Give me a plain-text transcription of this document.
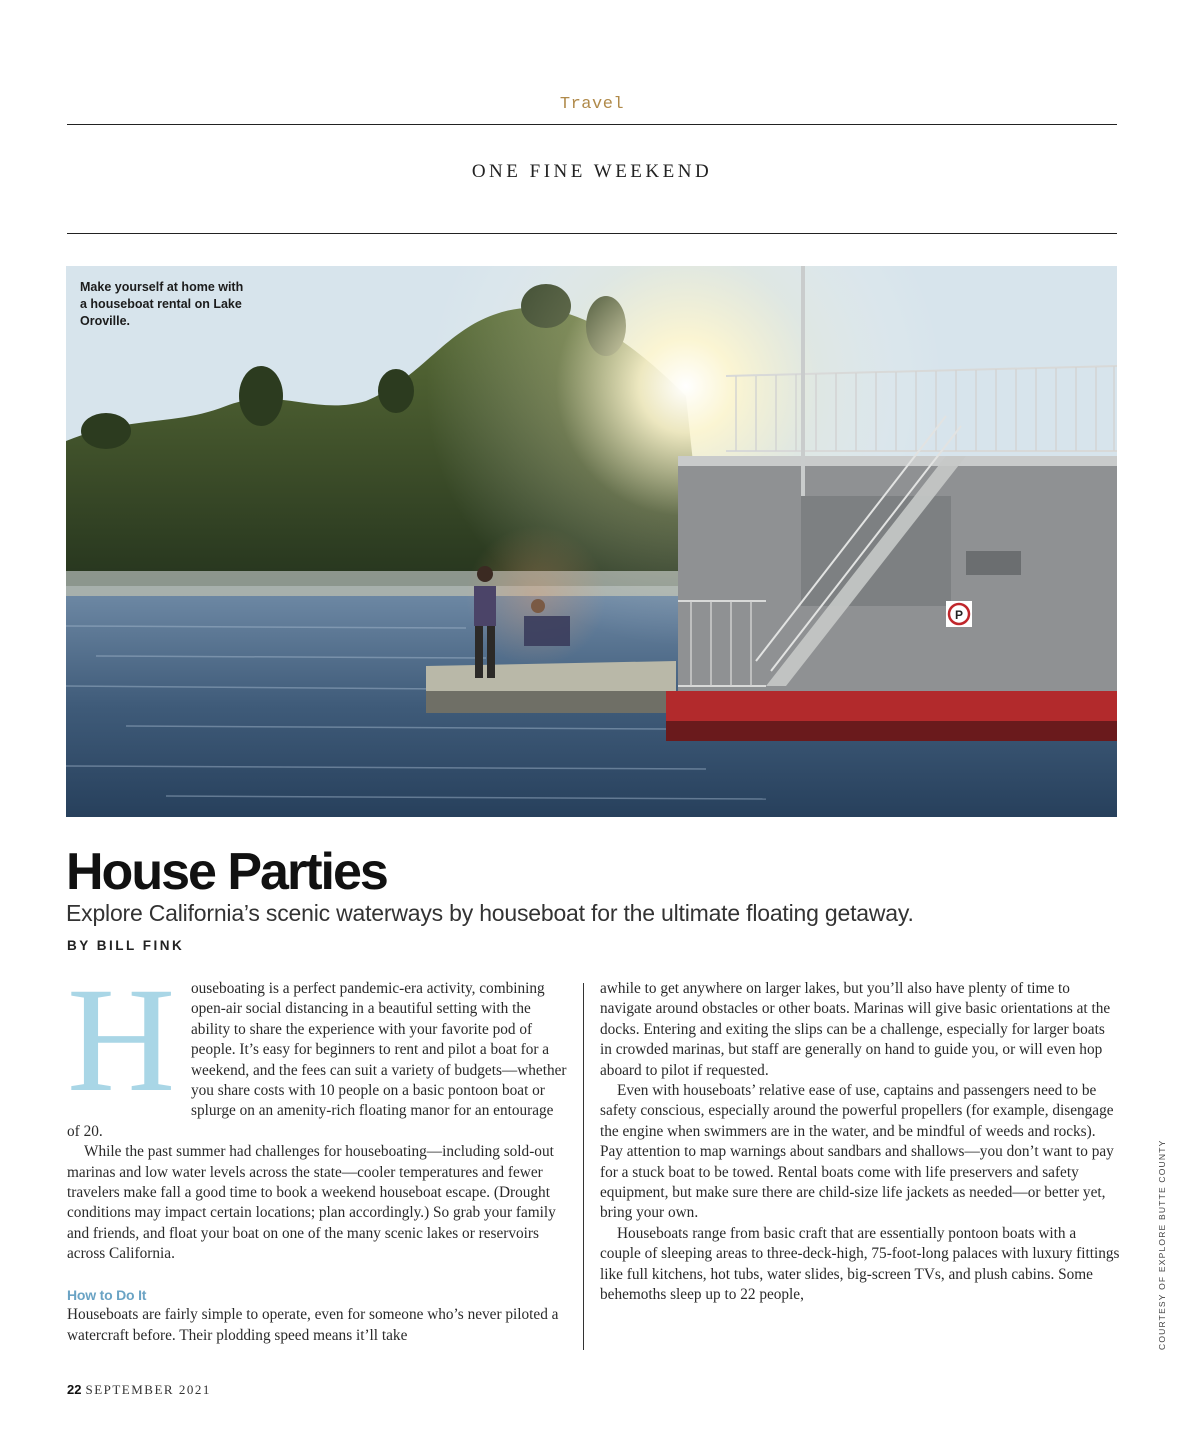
Travel
ONE FINE WEEKEND
P
Make yourself at home with a houseboat rental on Lake Oroville.
House Parties
Explore California’s scenic waterways by houseboat for the ultimate floating getaway.
BY BILL FINK

H ouseboating is a perfect pandemic-era activity, combining open-air social distancing in a beautiful setting with the ability to share the experience with your favorite pod of people. It’s easy for beginners to rent and pilot a boat for a weekend, and the fees can suit a variety of budgets—whether you share costs with 10 people on a basic pontoon boat or splurge on an amenity-rich floating manor for an entourage of 20.

While the past summer had challenges for houseboating—including sold-out marinas and low water levels across the state—cooler temperatures and fewer travelers make fall a good time to book a weekend houseboat escape. (Drought conditions may impact certain locations; plan accordingly.) So grab your family and friends, and float your boat on one of the many scenic lakes or reservoirs across California.

How to Do It

Houseboats are fairly simple to operate, even for someone who’s never piloted a watercraft before. Their plodding speed means it’ll take

awhile to get anywhere on larger lakes, but you’ll also have plenty of time to navigate around obstacles or other boats. Marinas will give basic orientations at the docks. Entering and exiting the slips can be a challenge, especially for larger boats in crowded marinas, but staff are generally on hand to guide you, or will even hop aboard to pilot if requested.

Even with houseboats’ relative ease of use, captains and passengers need to be safety conscious, especially around the powerful propellers (for example, disengage the engine when swimmers are in the water, and be mindful of weeds and rocks). Pay attention to map warnings about sandbars and shallows—you don’t want to pay for a stuck boat to be towed. Rental boats come with life preservers and safety equipment, but make sure there are child-size life jackets as needed—or better yet, bring your own.

Houseboats range from basic craft that are essentially pontoon boats with a couple of sleeping areas to three-deck-high, 75-foot-long palaces with luxury fittings like full kitchens, hot tubs, water slides, big-screen TVs, and plush cabins. Some behemoths sleep up to 22 people,	COURTESY OF EXPLORE BUTTE COUNTY
22 SEPTEMBER 2021
